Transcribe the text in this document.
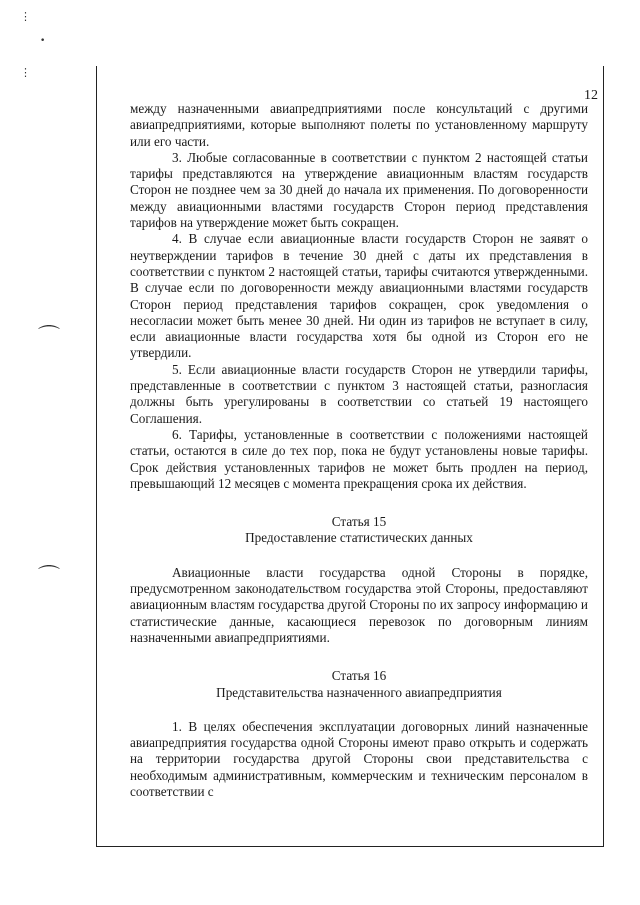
⋮
•
⋮
⌒
⌒
12

между назначенными авиапредприятиями после консультаций с другими авиапредприятиями, которые выполняют полеты по установленному маршруту или его части.

3. Любые согласованные в соответствии с пунктом 2 настоящей статьи тарифы представляются на утверждение авиационным властям государств Сторон не позднее чем за 30 дней до начала их применения. По договоренности между авиационными властями государств Сторон период представления тарифов на утверждение может быть сокращен.

4. В случае если авиационные власти государств Сторон не заявят о неутверждении тарифов в течение 30 дней с даты их представления в соответствии с пунктом 2 настоящей статьи, тарифы считаются утвержденными. В случае если по договоренности между авиационными властями государств Сторон период представления тарифов сокращен, срок уведомления о несогласии может быть менее 30 дней. Ни один из тарифов не вступает в силу, если авиационные власти государства хотя бы одной из Сторон его не утвердили.

5. Если авиационные власти государств Сторон не утвердили тарифы, представленные в соответствии с пунктом 3 настоящей статьи, разногласия должны быть урегулированы в соответствии со статьей 19 настоящего Соглашения.

6. Тарифы, установленные в соответствии с положениями настоящей статьи, остаются в силе до тех пор, пока не будут установлены новые тарифы. Срок действия установленных тарифов не может быть продлен на период, превышающий 12 месяцев с момента прекращения срока их действия.

Статья 15

Предоставление статистических данных

Авиационные власти государства одной Стороны в порядке, предусмотренном законодательством государства этой Стороны, предоставляют авиационным властям государства другой Стороны по их запросу информацию и статистические данные, касающиеся перевозок по договорным линиям назначенными авиапредприятиями.

Статья 16

Представительства назначенного авиапредприятия

1. В целях обеспечения эксплуатации договорных линий назначенные авиапредприятия государства одной Стороны имеют право открыть и содержать на территории государства другой Стороны свои представительства с необходимым административным, коммерческим и техническим персоналом в соответствии с
